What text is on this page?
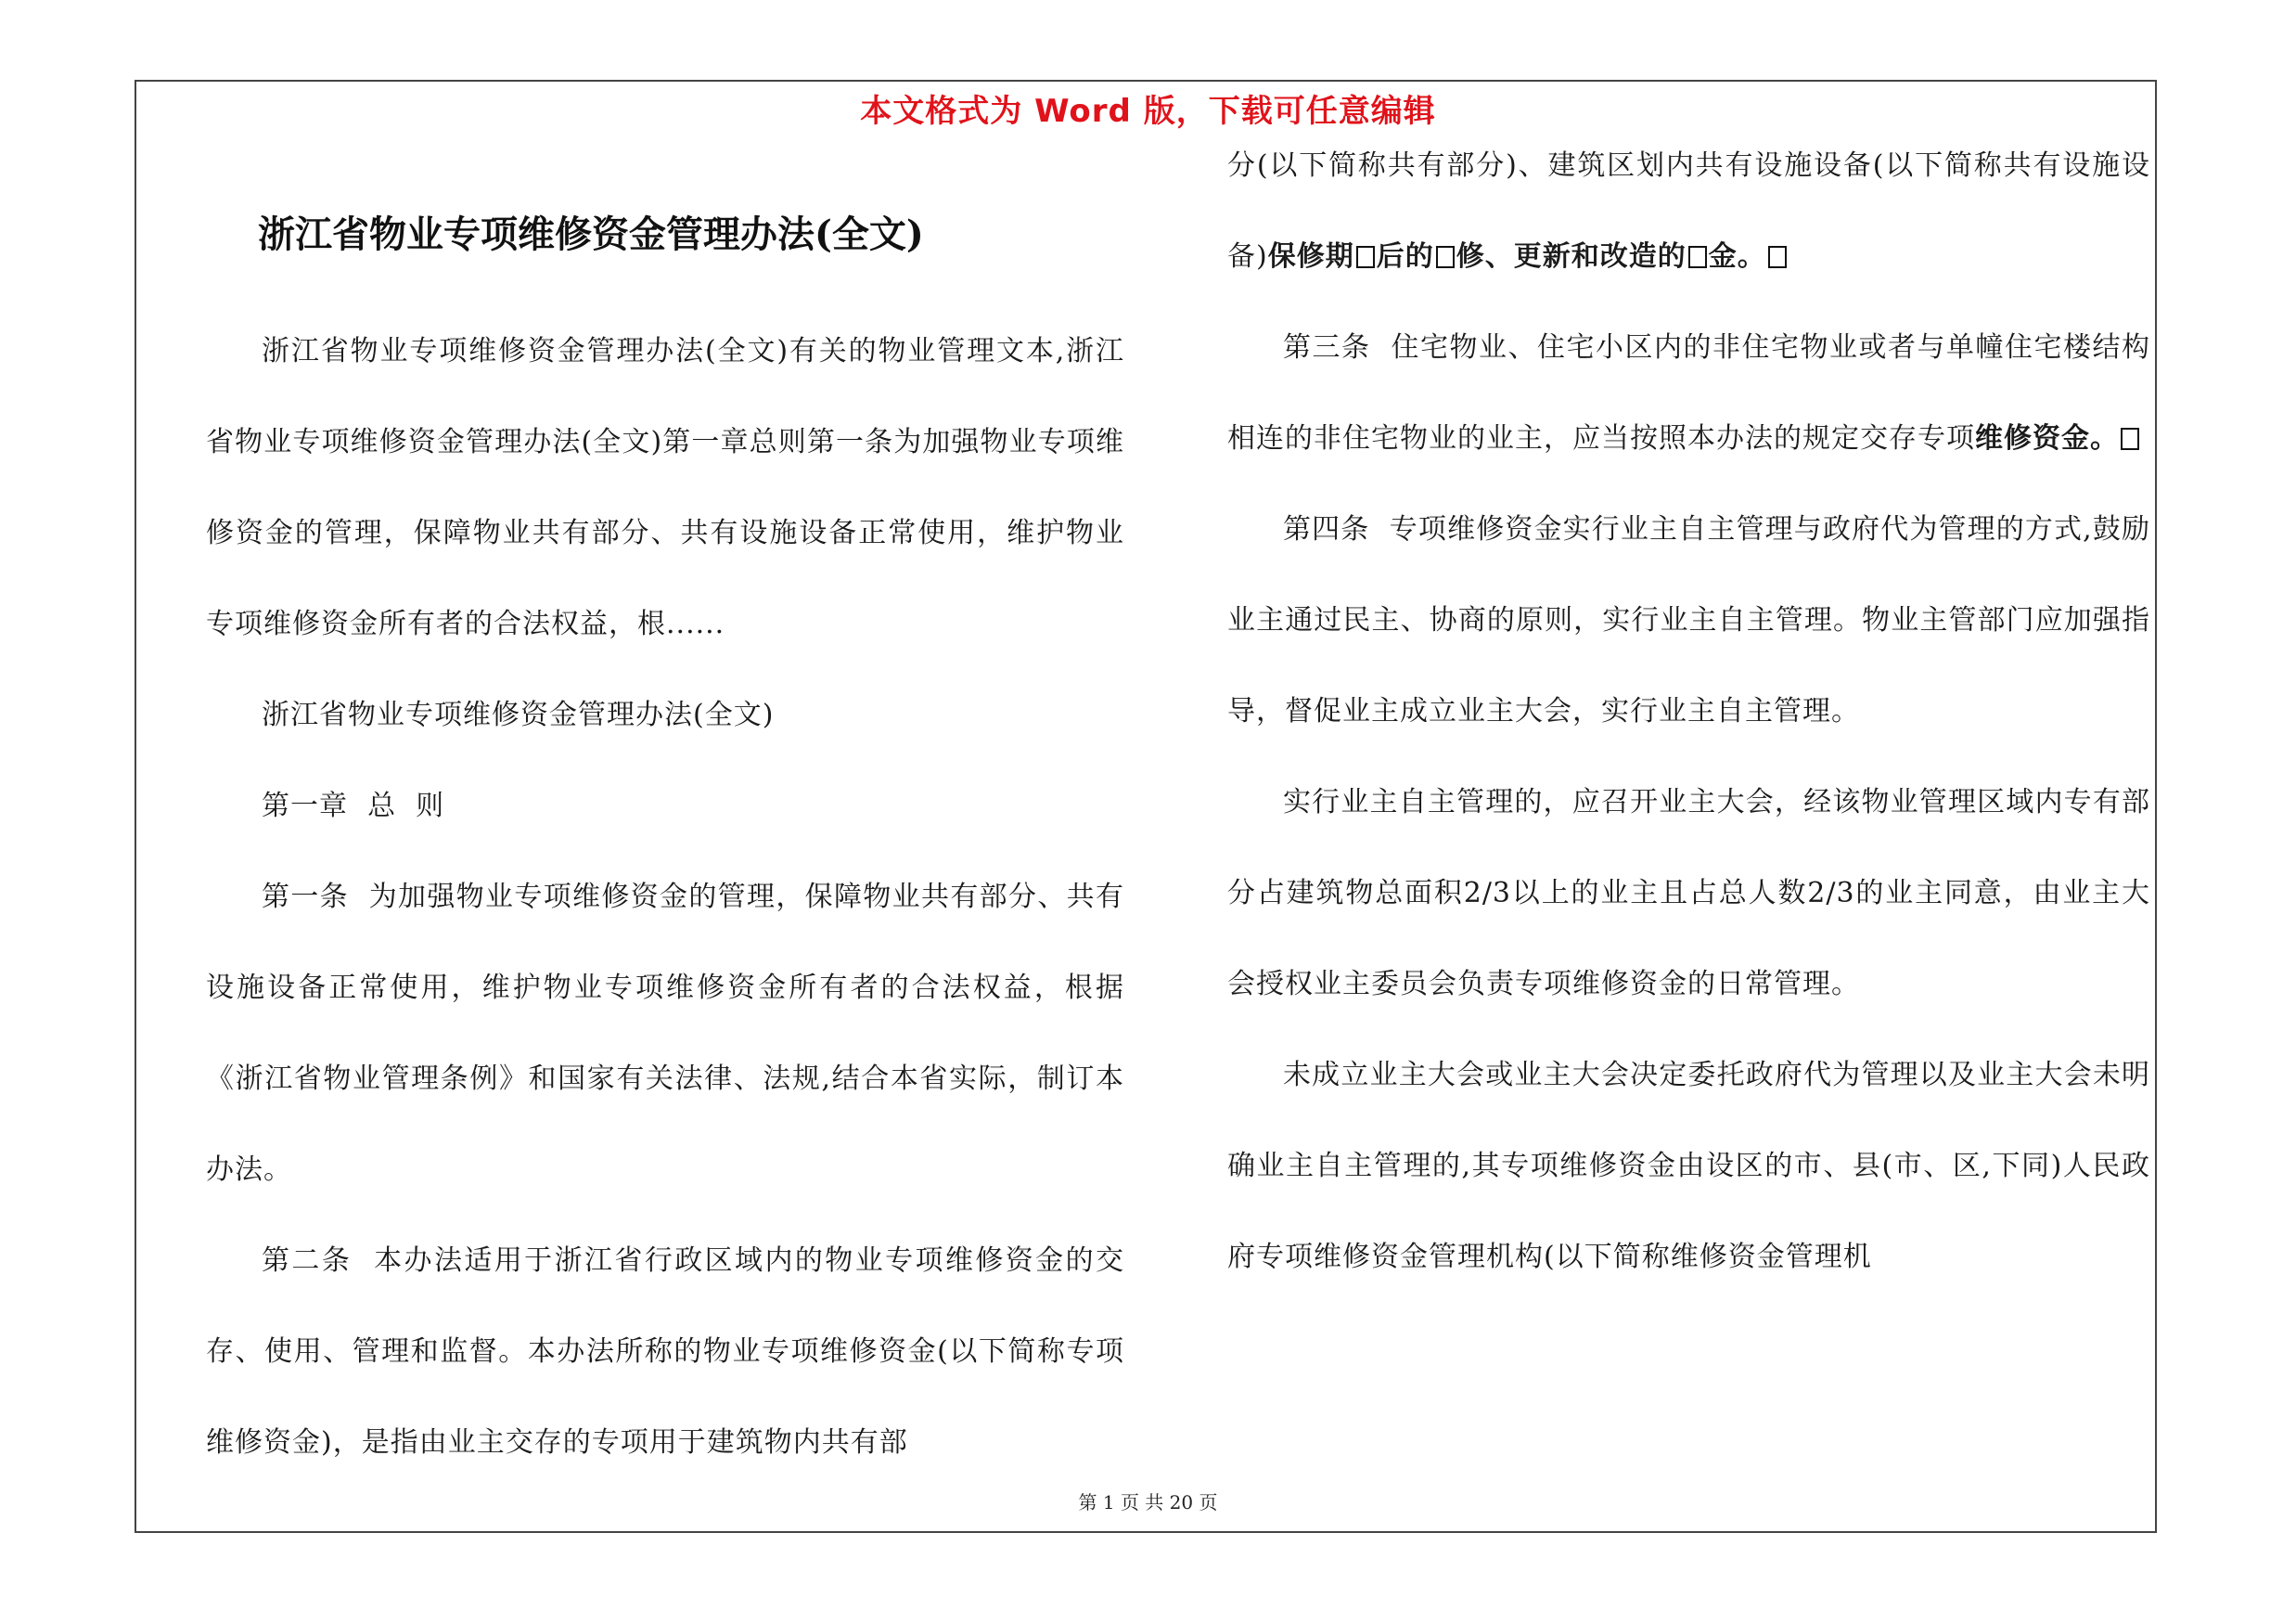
本文格式为 Word 版，下载可任意编辑
浙江省物业专项维修资金管理办法(全文)

浙江省物业专项维修资金管理办法(全文)有关的物业管理文本,浙江省物业专项维修资金管理办法(全文)第一章总则第一条为加强物业专项维修资金的管理，保障物业共有部分、共有设施设备正常使用，维护物业专项维修资金所有者的合法权益，根......

浙江省物业专项维修资金管理办法(全文)

第一章  总  则

第一条  为加强物业专项维修资金的管理，保障物业共有部分、共有设施设备正常使用，维护物业专项维修资金所有者的合法权益，根据《浙江省物业管理条例》和国家有关法律、法规,结合本省实际，制订本办法。

第二条  本办法适用于浙江省行政区域内的物业专项维修资金的交存、使用、管理和监督。本办法所称的物业专项维修资金(以下简称专项维修资金)，是指由业主交存的专项用于建筑物内共有部

分(以下简称共有部分)、建筑区划内共有设施设备(以下简称共有设施设备)保修期 后的 修、更新和改造的 金。

第三条  住宅物业、住宅小区内的非住宅物业或者与单幢住宅楼结构相连的非住宅物业的业主，应当按照本办法的规定交存专项维修资金。

第四条  专项维修资金实行业主自主管理与政府代为管理的方式,鼓励业主通过民主、协商的原则，实行业主自主管理。物业主管部门应加强指导，督促业主成立业主大会，实行业主自主管理。

实行业主自主管理的，应召开业主大会，经该物业管理区域内专有部分占建筑物总面积2/3以上的业主且占总人数2/3的业主同意，由业主大会授权业主委员会负责专项维修资金的日常管理。

未成立业主大会或业主大会决定委托政府代为管理以及业主大会未明确业主自主管理的,其专项维修资金由设区的市、县(市、区,下同)人民政府专项维修资金管理机构(以下简称维修资金管理机

第 1 页 共 20 页
